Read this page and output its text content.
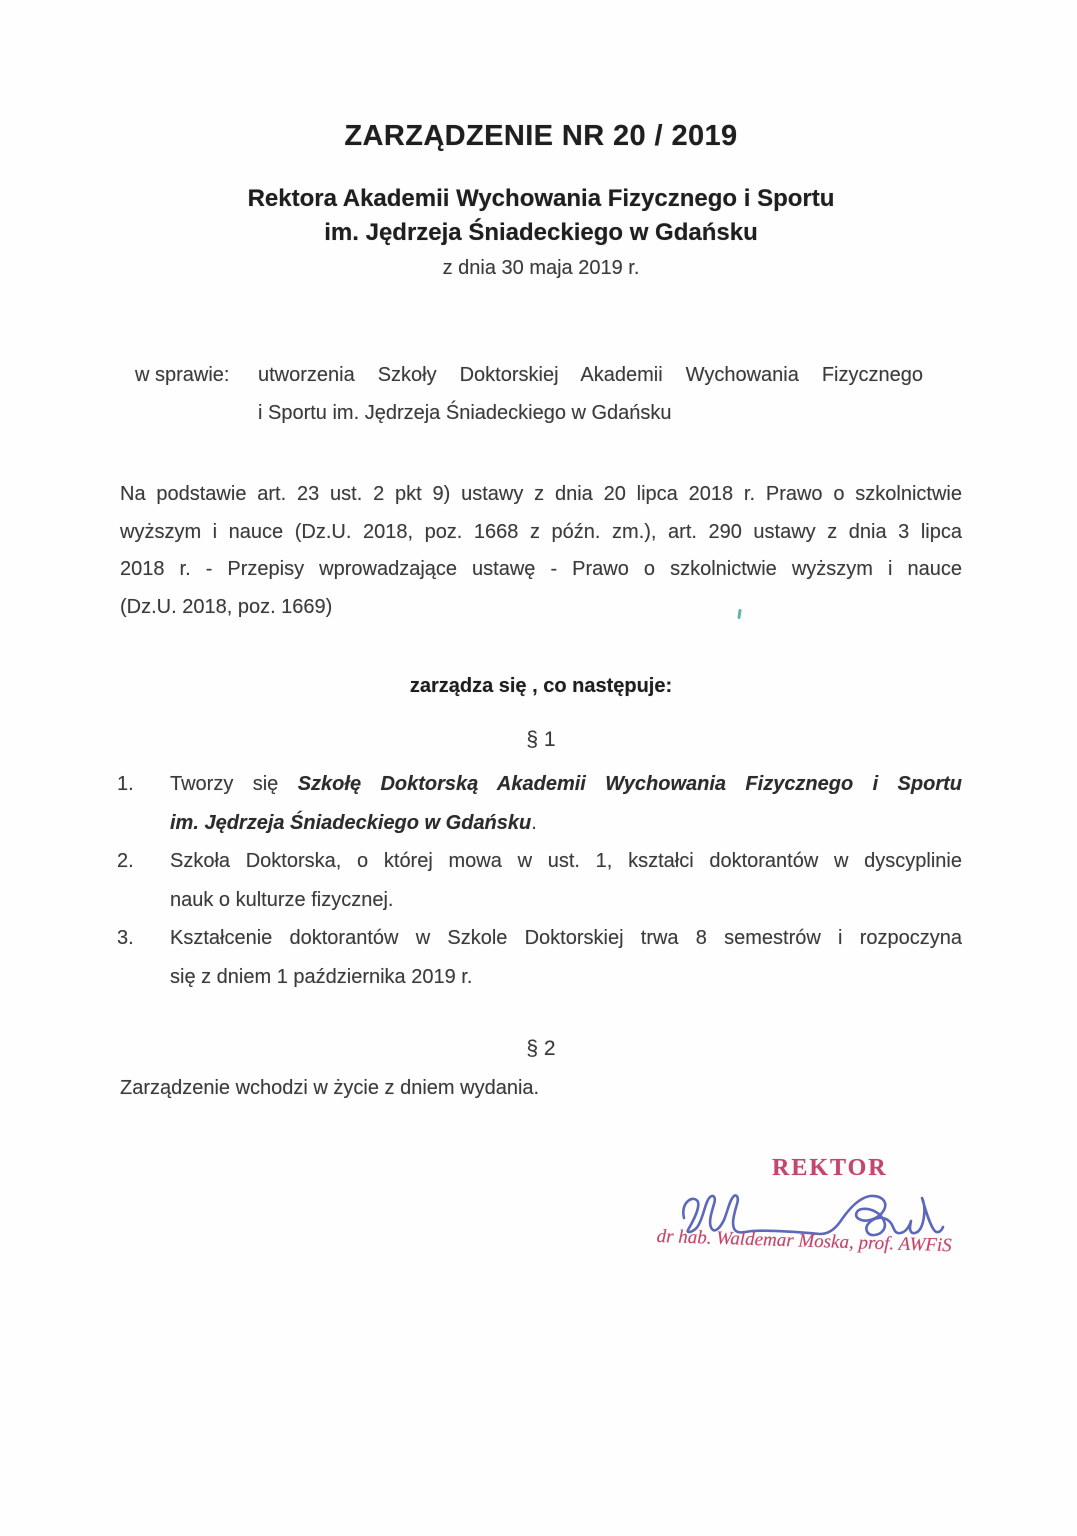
ZARZĄDZENIE NR 20 / 2019
Rektora Akademii Wychowania Fizycznego i Sportu
im. Jędrzeja Śniadeckiego w Gdańsku
z dnia 30 maja 2019 r.
w sprawie:	utworzenia Szkoły Doktorskiej Akademii Wychowania Fizycznego
i Sportu im. Jędrzeja Śniadeckiego w Gdańsku
Na podstawie art. 23 ust. 2 pkt 9) ustawy z dnia 20 lipca 2018 r. Prawo o szkolnictwie
wyższym i nauce (Dz.U. 2018, poz. 1668 z późn. zm.), art. 290 ustawy z dnia 3 lipca
2018 r. - Przepisy wprowadzające ustawę - Prawo o szkolnictwie wyższym i nauce
(Dz.U. 2018, poz. 1669)
zarządza się , co następuje:
§ 1
1.	Tworzy się Szkołę Doktorską Akademii Wychowania Fizycznego i Sportu
im. Jędrzeja Śniadeckiego w Gdańsku.
2.	Szkoła Doktorska, o której mowa w ust. 1, kształci doktorantów w dyscyplinie
nauk o kulturze fizycznej.
3.	Kształcenie doktorantów w Szkole Doktorskiej trwa 8 semestrów i rozpoczyna
się z dniem 1 października 2019 r.
§ 2
Zarządzenie wchodzi w życie z dniem wydania.
REKTOR
dr hab. Waldemar Moska, prof. AWFiS
